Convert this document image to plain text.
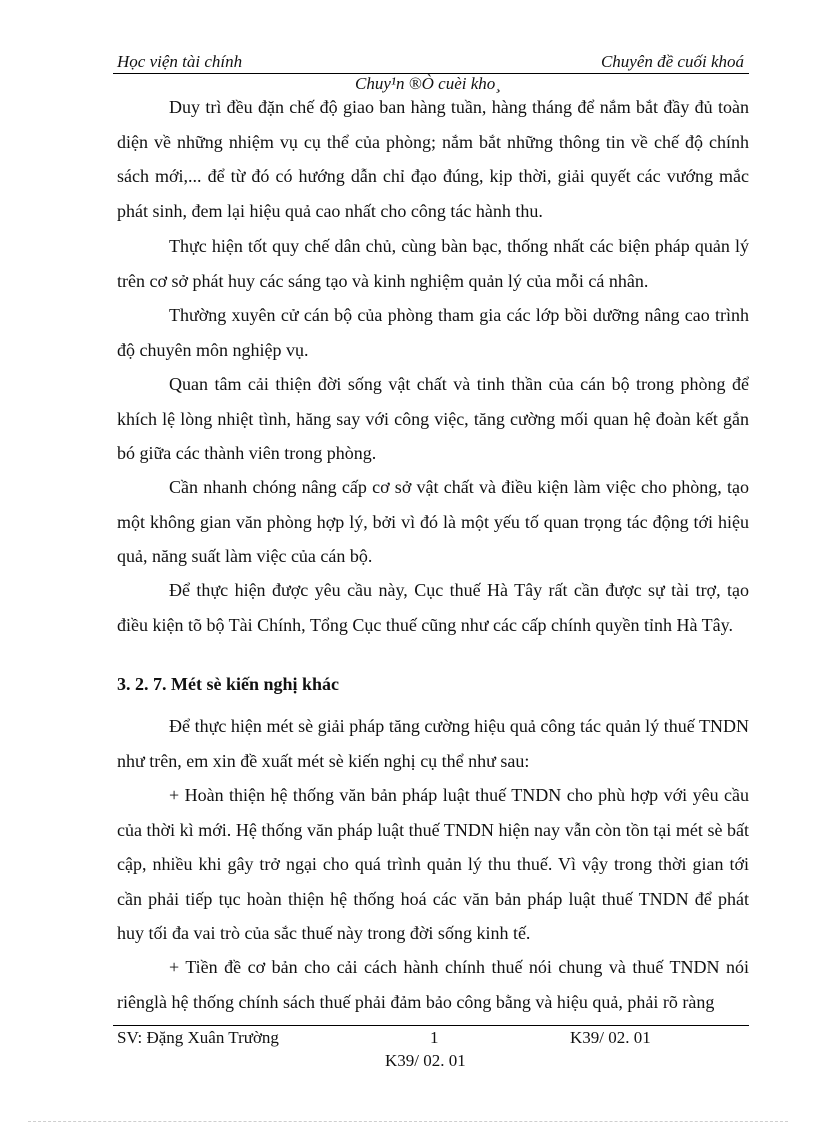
Học viện tài chính	Chuyên đề cuối khoá
Chuy¹n ®Ò cuèi kho¸
Duy trì đều đặn chế độ giao ban hàng tuần, hàng tháng để nắm bắt đầy đủ toàn diện về những nhiệm vụ cụ thể của phòng; nắm bắt những thông tin về chế độ chính sách mới,... để từ đó có hướng dẫn chỉ đạo đúng, kịp thời, giải quyết các vướng mắc phát sinh, đem lại hiệu quả cao nhất cho công tác hành thu.
Thực hiện tốt quy chế dân chủ, cùng bàn bạc, thống nhất các biện pháp quản lý trên cơ sở phát huy các sáng tạo và kinh nghiệm quản lý của mỗi cá nhân.
Thường xuyên cử cán bộ của phòng tham gia các lớp bồi dưỡng nâng cao trình độ chuyên môn nghiệp vụ.
Quan tâm cải thiện đời sống vật chất và tinh thần của cán bộ trong phòng để khích lệ lòng nhiệt tình, hăng say với công việc, tăng cường mối quan hệ đoàn kết gắn bó giữa các thành viên trong phòng.
Cần nhanh chóng nâng cấp cơ sở vật chất và điều kiện làm việc cho phòng, tạo một không gian văn phòng hợp lý, bởi vì đó là một yếu tố quan trọng tác động tới hiệu quả, năng suất làm việc của cán bộ.
Để thực hiện được yêu cầu này, Cục thuế Hà Tây rất cần được sự tài trợ, tạo điều kiện tõ bộ Tài Chính, Tổng Cục thuế cũng như các cấp chính quyền tỉnh Hà Tây.
3. 2. 7. Mét sè kiến nghị khác
Để thực hiện mét sè giải pháp tăng cường hiệu quả công tác quản lý thuế TNDN như trên, em xin đề xuất mét sè kiến nghị cụ thể như sau:
+ Hoàn thiện hệ thống văn bản pháp luật thuế TNDN cho phù hợp với yêu cầu của thời kì mới. Hệ thống văn pháp luật thuế TNDN hiện nay vẫn còn tồn tại mét sè bất cập, nhiều khi gây trở ngại cho quá trình quản lý thu thuế. Vì vậy trong thời gian tới cần phải tiếp tục hoàn thiện hệ thống hoá các văn bản pháp luật thuế TNDN để phát huy tối đa vai trò của sắc thuế này trong đời sống kinh tế.
+ Tiền đề cơ bản cho cải cách hành chính thuế nói chung và thuế TNDN nói riênglà hệ thống chính sách thuế phải đảm bảo công bằng và hiệu quả, phải rõ ràng
SV: Đặng Xuân Trường	1	K39/ 02. 01
K39/ 02. 01
